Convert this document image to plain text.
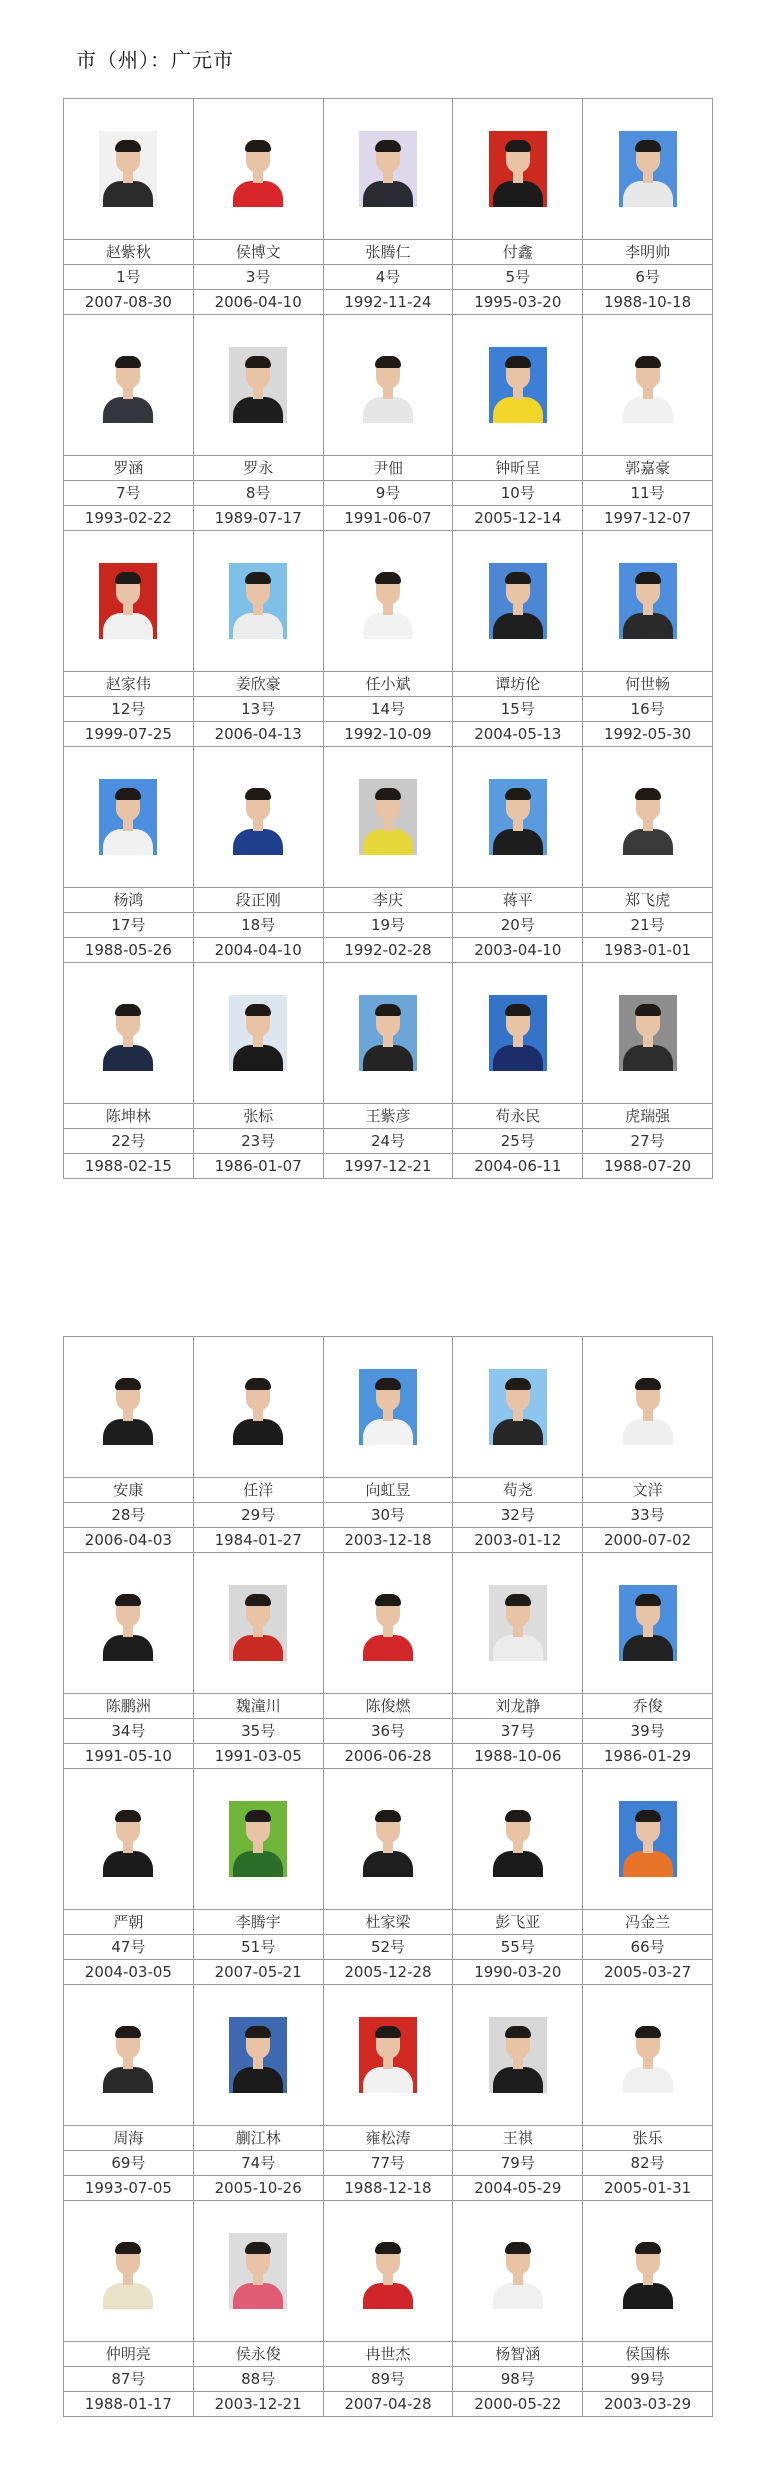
市（州）：广元市

赵紫秋	侯博文	张腾仁	付鑫	李明帅
1号	3号	4号	5号	6号
2007-08-30	2006-04-10	1992-11-24	1995-03-20	1988-10-18

罗涵	罗永	尹佃	钟昕呈	郭嘉豪
7号	8号	9号	10号	11号
1993-02-22	1989-07-17	1991-06-07	2005-12-14	1997-12-07

赵家伟	姜欣豪	任小斌	谭坊伦	何世畅
12号	13号	14号	15号	16号
1999-07-25	2006-04-13	1992-10-09	2004-05-13	1992-05-30

杨鸿	段正刚	李庆	蒋平	郑飞虎
17号	18号	19号	20号	21号
1988-05-26	2004-04-10	1992-02-28	2003-04-10	1983-01-01

陈坤林	张标	王紫彦	苟永民	虎瑞强
22号	23号	24号	25号	27号
1988-02-15	1986-01-07	1997-12-21	2004-06-11	1988-07-20

安康	任洋	向虹昱	苟尧	文洋
28号	29号	30号	32号	33号
2006-04-03	1984-01-27	2003-12-18	2003-01-12	2000-07-02

陈鹏洲	魏潼川	陈俊燃	刘龙静	乔俊
34号	35号	36号	37号	39号
1991-05-10	1991-03-05	2006-06-28	1988-10-06	1986-01-29

严朝	李腾宇	杜家梁	彭飞亚	冯金兰
47号	51号	52号	55号	66号
2004-03-05	2007-05-21	2005-12-28	1990-03-20	2005-03-27

周海	蒯江林	雍松涛	王祺	张乐
69号	74号	77号	79号	82号
1993-07-05	2005-10-26	1988-12-18	2004-05-29	2005-01-31

仲明亮	侯永俊	冉世杰	杨智涵	侯国栋
87号	88号	89号	98号	99号
1988-01-17	2003-12-21	2007-04-28	2000-05-22	2003-03-29
